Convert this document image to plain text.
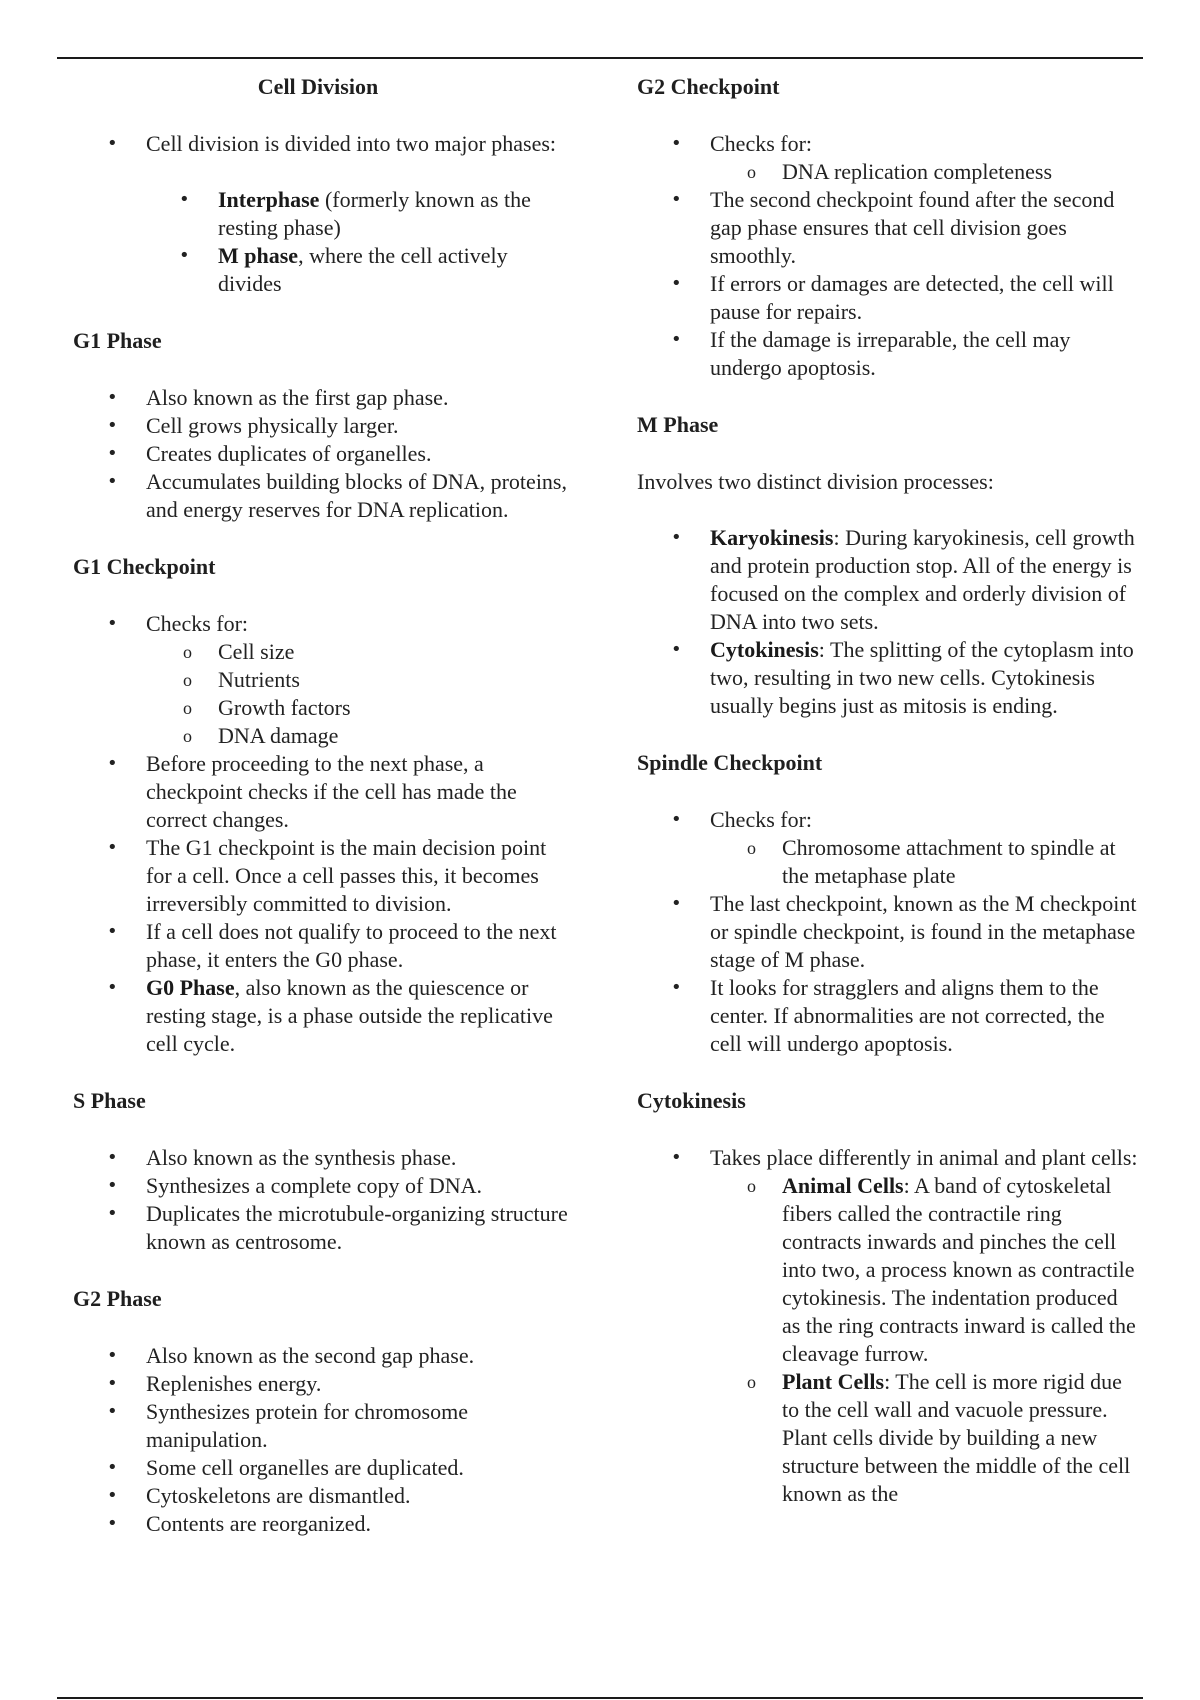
Cell Division
• Cell division is divided into two major phases:
• Interphase (formerly known as the resting phase)
• M phase, where the cell actively divides
G1 Phase
• Also known as the first gap phase.
• Cell grows physically larger.
• Creates duplicates of organelles.
• Accumulates building blocks of DNA, proteins, and energy reserves for DNA replication.
G1 Checkpoint
• Checks for:
o Cell size
o Nutrients
o Growth factors
o DNA damage
• Before proceeding to the next phase, a checkpoint checks if the cell has made the correct changes.
• The G1 checkpoint is the main decision point for a cell. Once a cell passes this, it becomes irreversibly committed to division.
• If a cell does not qualify to proceed to the next phase, it enters the G0 phase.
• G0 Phase, also known as the quiescence or resting stage, is a phase outside the replicative cell cycle.
S Phase
• Also known as the synthesis phase.
• Synthesizes a complete copy of DNA.
• Duplicates the microtubule-organizing structure known as centrosome.
G2 Phase
• Also known as the second gap phase.
• Replenishes energy.
• Synthesizes protein for chromosome manipulation.
• Some cell organelles are duplicated.
• Cytoskeletons are dismantled.
• Contents are reorganized.
G2 Checkpoint
• Checks for:
o DNA replication completeness
• The second checkpoint found after the second gap phase ensures that cell division goes smoothly.
• If errors or damages are detected, the cell will pause for repairs.
• If the damage is irreparable, the cell may undergo apoptosis.
M Phase

Involves two distinct division processes:

• Karyokinesis: During karyokinesis, cell growth and protein production stop. All of the energy is focused on the complex and orderly division of DNA into two sets.
• Cytokinesis: The splitting of the cytoplasm into two, resulting in two new cells. Cytokinesis usually begins just as mitosis is ending.
Spindle Checkpoint
• Checks for:
o Chromosome attachment to spindle at the metaphase plate
• The last checkpoint, known as the M checkpoint or spindle checkpoint, is found in the metaphase stage of M phase.
• It looks for stragglers and aligns them to the center. If abnormalities are not corrected, the cell will undergo apoptosis.
Cytokinesis
• Takes place differently in animal and plant cells:
o Animal Cells: A band of cytoskeletal fibers called the contractile ring contracts inwards and pinches the cell into two, a process known as contractile cytokinesis. The indentation produced as the ring contracts inward is called the cleavage furrow.
o Plant Cells: The cell is more rigid due to the cell wall and vacuole pressure. Plant cells divide by building a new structure between the middle of the cell known as the
